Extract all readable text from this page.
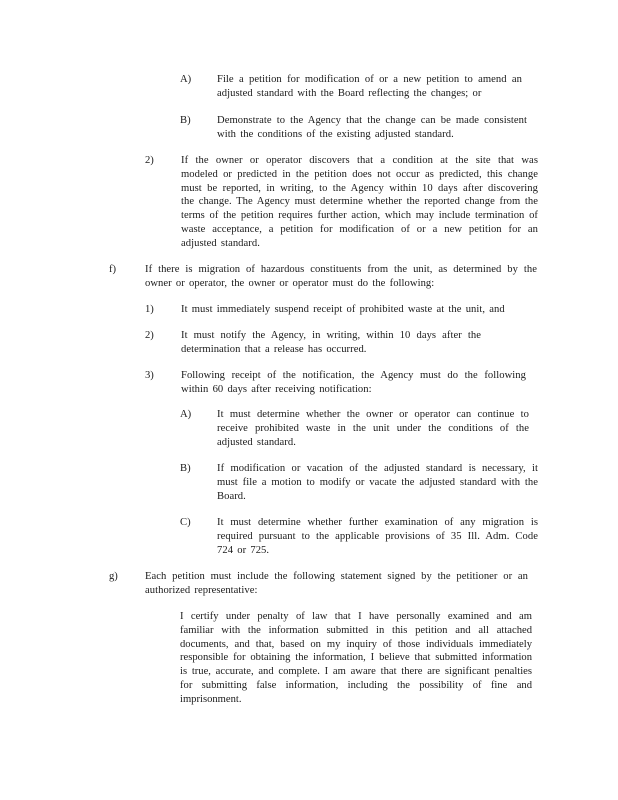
A) File a petition for modification of or a new petition to amend an adjusted standard with the Board reflecting the changes; or
B) Demonstrate to the Agency that the change can be made consistent with the conditions of the existing adjusted standard.
2)	If the owner or operator discovers that a condition at the site that was modeled or predicted in the petition does not occur as predicted, this change must be reported, in writing, to the Agency within 10 days after discovering the change. The Agency must determine whether the reported change from the terms of the petition requires further action, which may include termination of waste acceptance, a petition for modification of or a new petition for an adjusted standard.
f)	If there is migration of hazardous constituents from the unit, as determined by the owner or operator, the owner or operator must do the following:
1)	It must immediately suspend receipt of prohibited waste at the unit, and
2)	It must notify the Agency, in writing, within 10 days after the determination that a release has occurred.
3)	Following receipt of the notification, the Agency must do the following within 60 days after receiving notification:
A) It must determine whether the owner or operator can continue to receive prohibited waste in the unit under the conditions of the adjusted standard.
B) If modification or vacation of the adjusted standard is necessary, it must file a motion to modify or vacate the adjusted standard with the Board.
C) It must determine whether further examination of any migration is required pursuant to the applicable provisions of 35 Ill. Adm. Code 724 or 725.
g)	Each petition must include the following statement signed by the petitioner or an authorized representative:
I certify under penalty of law that I have personally examined and am familiar with the information submitted in this petition and all attached documents, and that, based on my inquiry of those individuals immediately responsible for obtaining the information, I believe that submitted information is true, accurate, and complete. I am aware that there are significant penalties for submitting false information, including the possibility of fine and imprisonment.
